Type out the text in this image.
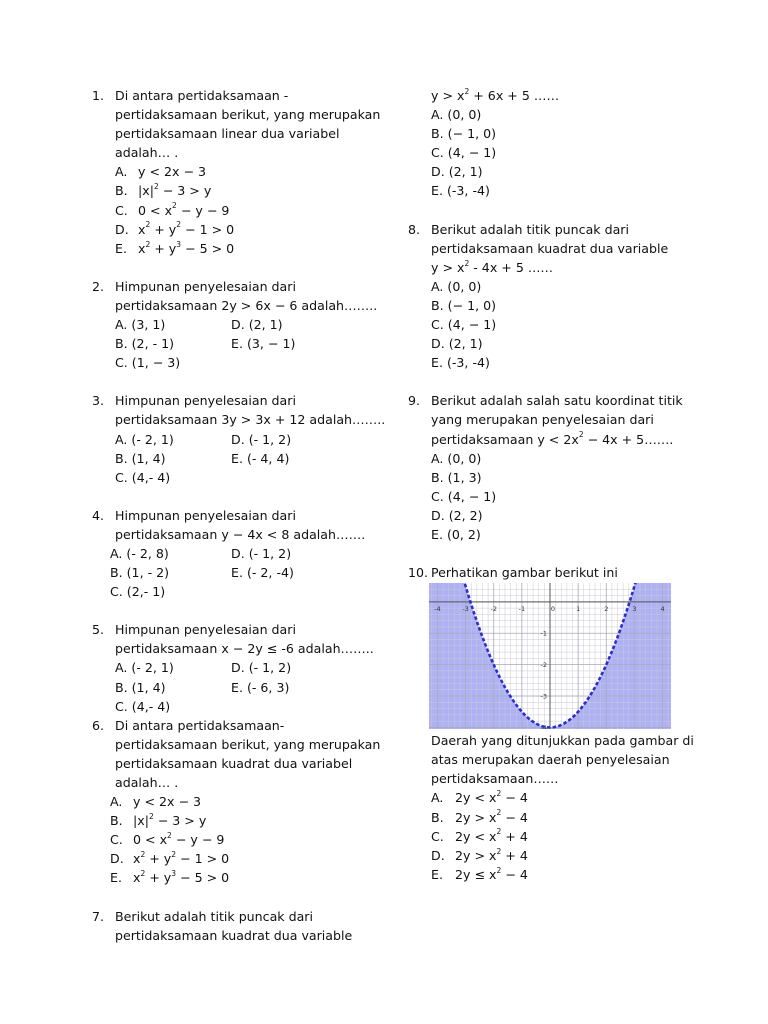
1. Di antara pertidaksamaan -
pertidaksamaan berikut, yang merupakan
pertidaksamaan linear dua variabel
adalah… .
A. y < 2x − 3
B. $|x|^2 - 3 > y$
C. $0 < x^2 - y - 9$
D. $x^2 + y^2 - 1 > 0$
E. $x^2 + y^3 - 5 > 0$
2. Himpunan penyelesaian dari
pertidaksamaan 2y > 6x − 6 adalah……..
A. (3, 1)	D. (2, 1)
B. (2, - 1)	E. (3, − 1)
C. (1, − 3)
3. Himpunan penyelesaian dari
pertidaksamaan 3y > 3x + 12 adalah……..
A. (- 2, 1)	D. (- 1, 2)
B. (1, 4)	E. (- 4, 4)
C. (4,- 4)
4. Himpunan penyelesaian dari
pertidaksamaan y − 4x < 8 adalah…….
A. (- 2, 8)	D. (- 1, 2)
B. (1, - 2)	E. (- 2, -4)
C. (2,- 1)
5. Himpunan penyelesaian dari
pertidaksamaan x − 2y ≤ -6 adalah……..
A. (- 2, 1)	D. (- 1, 2)
B. (1, 4)	E. (- 6, 3)
C. (4,- 4)
6. Di antara pertidaksamaan-
pertidaksamaan berikut, yang merupakan
pertidaksamaan kuadrat dua variabel
adalah… .
A. y < 2x − 3
B. $|x|^2 - 3 > y$
C. $0 < x^2 - y - 9$
D. $x^2 + y^2 - 1 > 0$
E. $x^2 + y^3 - 5 > 0$
7. Berikut adalah titik puncak dari
pertidaksamaan kuadrat dua variable
$y > x^2 + 6x + 5$ ……
A. (0, 0)
B. (− 1, 0)
C. (4, − 1)
D. (2, 1)
E. (-3, -4)
8. Berikut adalah titik puncak dari
pertidaksamaan kuadrat dua variable
$y > x^2 - 4x + 5$ ……
A. (0, 0)
B. (− 1, 0)
C. (4, − 1)
D. (2, 1)
E. (-3, -4)
9. Berikut adalah salah satu koordinat titik
yang merupakan penyelesaian dari
pertidaksamaan $y < 2x^2 - 4x$ + 5…….
A. (0, 0)
B. (1, 3)
C. (4, − 1)
D. (2, 2)
E. (0, 2)
10. Perhatikan gambar berikut ini
-4	-3	-2	-1	0	1	2	3	4
-1
-2
-3
-4
Daerah yang ditunjukkan pada gambar di
atas merupakan daerah penyelesaian
pertidaksamaan……
A. $2y < x^2 - 4$
B. $2y > x^2 - 4$
C. $2y < x^2 + 4$
D. $2y > x^2 + 4$
E. $2y \le x^2 - 4$
